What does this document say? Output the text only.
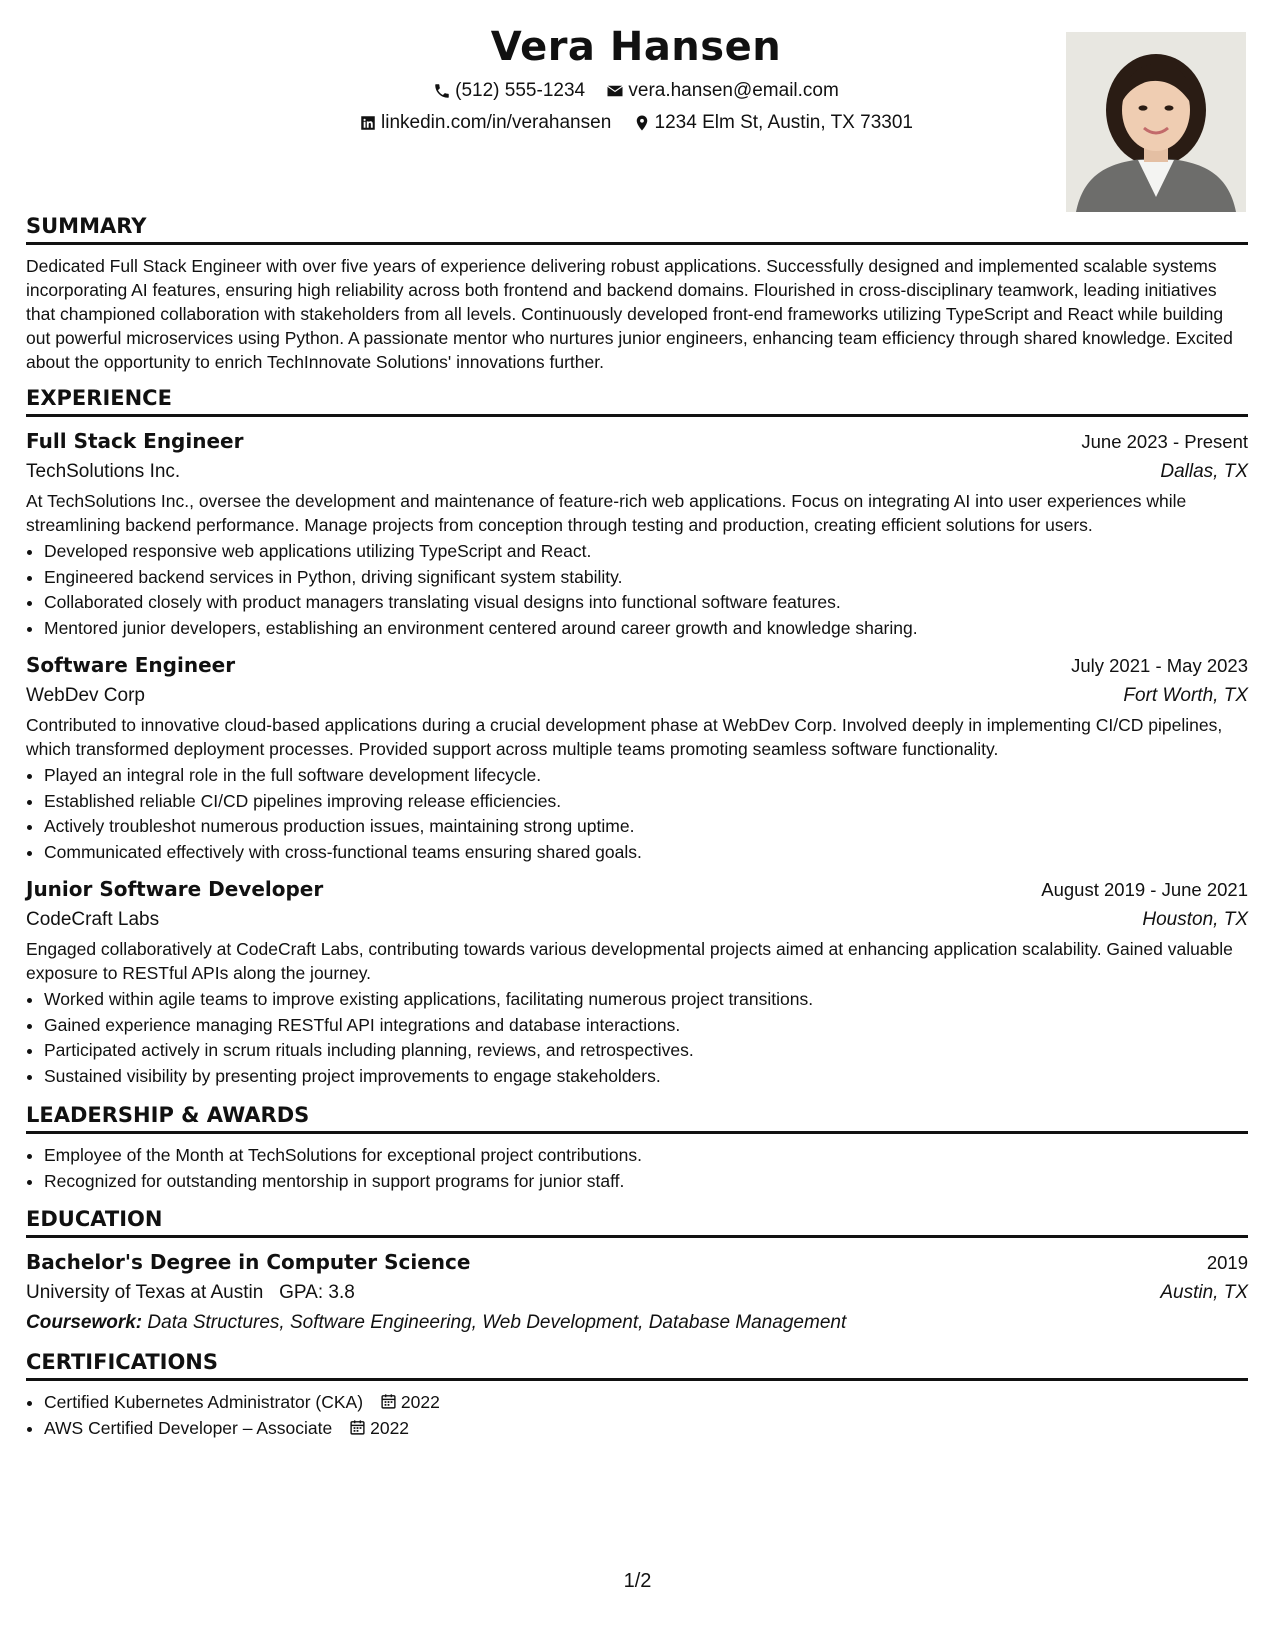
Vera Hansen
(512) 555-1234
vera.hansen@email.com
linkedin.com/in/verahansen
1234 Elm St, Austin, TX 73301
SUMMARY

Dedicated Full Stack Engineer with over five years of experience delivering robust applications. Successfully designed and implemented scalable systems incorporating AI features, ensuring high reliability across both frontend and backend domains. Flourished in cross-disciplinary teamwork, leading initiatives that championed collaboration with stakeholders from all levels. Continuously developed front-end frameworks utilizing TypeScript and React while building out powerful microservices using Python. A passionate mentor who nurtures junior engineers, enhancing team efficiency through shared knowledge. Excited about the opportunity to enrich TechInnovate Solutions' innovations further.

EXPERIENCE
Full Stack Engineer	June 2023 - Present
TechSolutions Inc.	Dallas, TX

At TechSolutions Inc., oversee the development and maintenance of feature-rich web applications. Focus on integrating AI into user experiences while streamlining backend performance. Manage projects from conception through testing and production, creating efficient solutions for users.

• Developed responsive web applications utilizing TypeScript and React.
• Engineered backend services in Python, driving significant system stability.
• Collaborated closely with product managers translating visual designs into functional software features.
• Mentored junior developers, establishing an environment centered around career growth and knowledge sharing.
Software Engineer	July 2021 - May 2023
WebDev Corp	Fort Worth, TX

Contributed to innovative cloud-based applications during a crucial development phase at WebDev Corp. Involved deeply in implementing CI/CD pipelines, which transformed deployment processes. Provided support across multiple teams promoting seamless software functionality.

• Played an integral role in the full software development lifecycle.
• Established reliable CI/CD pipelines improving release efficiencies.
• Actively troubleshot numerous production issues, maintaining strong uptime.
• Communicated effectively with cross-functional teams ensuring shared goals.
Junior Software Developer	August 2019 - June 2021
CodeCraft Labs	Houston, TX

Engaged collaboratively at CodeCraft Labs, contributing towards various developmental projects aimed at enhancing application scalability. Gained valuable exposure to RESTful APIs along the journey.

• Worked within agile teams to improve existing applications, facilitating numerous project transitions.
• Gained experience managing RESTful API integrations and database interactions.
• Participated actively in scrum rituals including planning, reviews, and retrospectives.
• Sustained visibility by presenting project improvements to engage stakeholders.
LEADERSHIP & AWARDS
• Employee of the Month at TechSolutions for exceptional project contributions.
• Recognized for outstanding mentorship in support programs for junior staff.
EDUCATION
Bachelor's Degree in Computer Science	2019
University of Texas at Austin GPA: 3.8	Austin, TX
Coursework: Data Structures, Software Engineering, Web Development, Database Management
CERTIFICATIONS
• Certified Kubernetes Administrator (CKA) 2022
• AWS Certified Developer – Associate 2022
1/2
